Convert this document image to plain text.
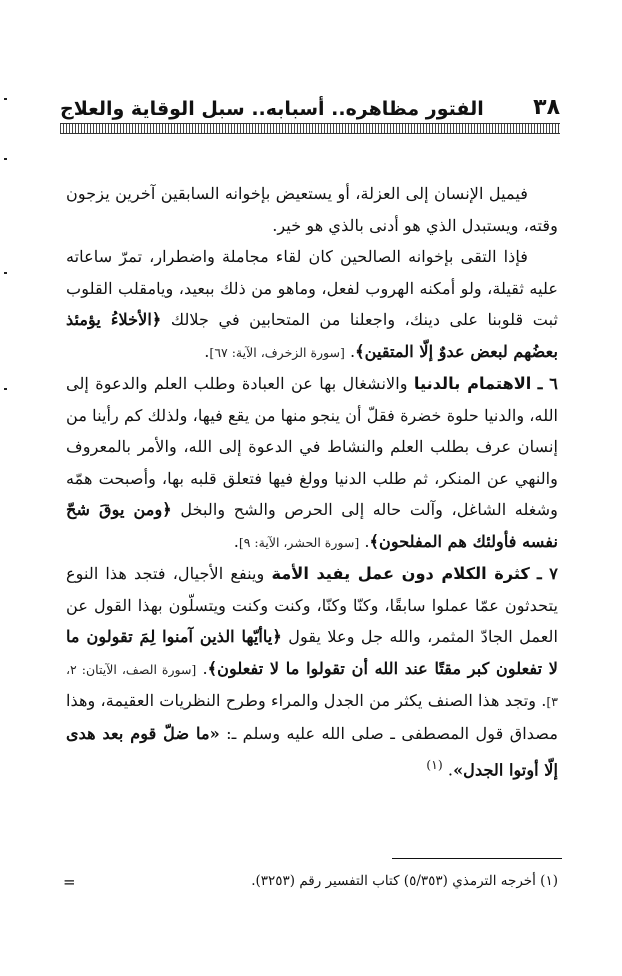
٣٨
الفتور مظاهره.. أسبابه.. سبل الوقاية والعلاج

فيميل الإنسان إلى العزلة، أو يستعيض بإخوانه السابقين آخرين يزجون وقته، ويستبدل الذي هو أدنى بالذي هو خير.

فإذا التقى بإخوانه الصالحين كان لقاء مجاملة واضطرار، تمرّ ساعاته عليه ثقيلة، ولو أمكنه الهروب لفعل، وماهو من ذلك ببعيد، ويامقلب القلوب ثبت قلوبنا على دينك، واجعلنا من المتحابين في جلالك ﴿الأخلاءُ يؤمئذ بعضُهم لبعض عدوٌ إلّا المتقين﴾. [سورة الزخرف، الآية: ٦٧].

٦ ـ الاهتمام بالدنيا والانشغال بها عن العبادة وطلب العلم والدعوة إلى الله، والدنيا حلوة خضرة فقلّ أن ينجو منها من يقع فيها، ولذلك كم رأينا من إنسان عرف بطلب العلم والنشاط في الدعوة إلى الله، والأمر بالمعروف والنهي عن المنكر، ثم طلب الدنيا وولغ فيها فتعلق قلبه بها، وأصبحت همّه وشغله الشاغل، وآلت حاله إلى الحرص والشح والبخل ﴿ومن يوقَ شحّ نفسه فأولئك هم المفلحون﴾. [سورة الحشر، الآية: ٩].

٧ ـ كثرة الكلام دون عمل يفيد الأمة وينفع الأجيال، فتجد هذا النوع يتحدثون عمّا عملوا سابقًا، وكنّا وكنّا، وكنت وكنت ويتسلّون بهذا القول عن العمل الجادّ المثمر، والله جل وعلا يقول ﴿ياأيّها الذين آمنوا لِمَ تقولون ما لا تفعلون كبر مقتًا عند الله أن تقولوا ما لا تفعلون﴾. [سورة الصف، الآيتان: ٢، ٣]. وتجد هذا الصنف يكثر من الجدل والمراء وطرح النظريات العقيمة، وهذا مصداق قول المصطفى ـ صلى الله عليه وسلم ـ: «ما ضلّ قوم بعد هدى إلّا أوتوا الجدل». $^{(١)}$

(١) أخرجه الترمذي (٥/٣٥٣) كتاب التفسير رقم (٣٢٥٣).
=
